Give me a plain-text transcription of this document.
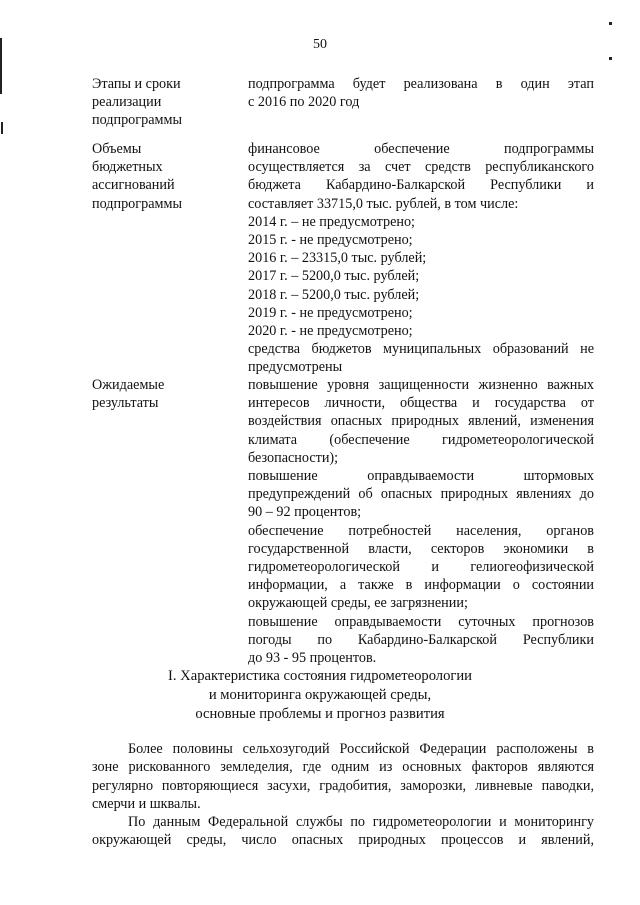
50
Этапы и сроки
реализации
подпрограммы
подпрограмма будет реализована в один этап
с 2016 по 2020 год
Объемы
бюджетных
ассигнований
подпрограммы
финансовое обеспечение подпрограммы
осуществляется за счет средств республиканского
бюджета Кабардино-Балкарской Республики и
составляет 33715,0 тыс. рублей, в том числе:
2014 г. – не предусмотрено;
2015 г. - не предусмотрено;
2016 г. – 23315,0 тыс. рублей;
2017 г. – 5200,0 тыс. рублей;
2018 г. – 5200,0 тыс. рублей;
2019 г. - не предусмотрено;
2020 г. - не предусмотрено;
средства бюджетов муниципальных образований не
предусмотрены
Ожидаемые
результаты
повышение уровня защищенности жизненно важных
интересов личности, общества и государства от
воздействия опасных природных явлений, изменения
климата (обеспечение гидрометеорологической
безопасности);
повышение оправдываемости штормовых
предупреждений об опасных природных явлениях до
90 – 92 процентов;
обеспечение потребностей населения, органов
государственной власти, секторов экономики в
гидрометеорологической и гелиогеофизической
информации, а также в информации о состоянии
окружающей среды, ее загрязнении;
повышение оправдываемости суточных прогнозов
погоды по Кабардино-Балкарской Республики
до 93 - 95 процентов.
I. Характеристика состояния гидрометеорологии
и мониторинга окружающей среды,
основные проблемы и прогноз развития
Более половины сельхозугодий Российской Федерации расположены в
зоне рискованного земледелия, где одним из основных факторов являются
регулярно повторяющиеся засухи, градобития, заморозки, ливневые паводки,
смерчи и шквалы.
По данным Федеральной службы по гидрометеорологии и мониторингу
окружающей среды, число опасных природных процессов и явлений,
